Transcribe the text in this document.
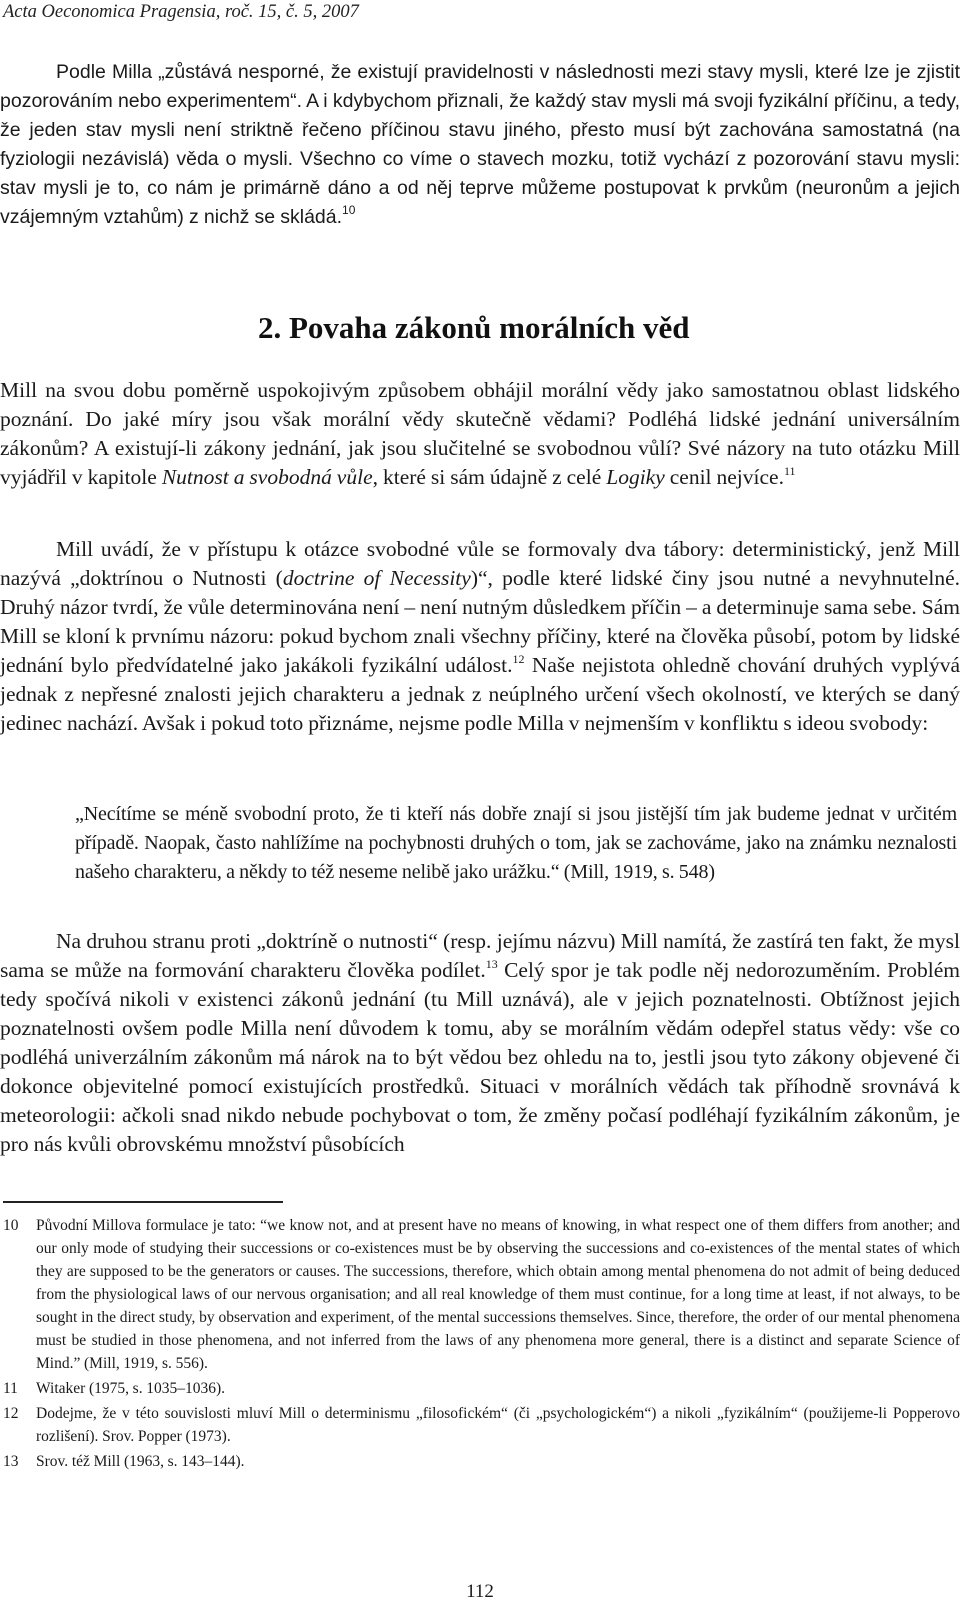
Acta Oeconomica Pragensia, roč. 15, č. 5, 2007

Podle Milla „zůstává nesporné, že existují pravidelnosti v následnosti mezi stavy mysli, které lze je zjistit pozorováním nebo experimentem“. A i kdybychom přiznali, že každý stav mysli má svoji fyzikální příčinu, a tedy, že jeden stav mysli není striktně řečeno příčinou stavu jiného, přesto musí být zachována samostatná (na fyziologii nezávislá) věda o mysli. Všechno co víme o stavech mozku, totiž vychází z pozorování stavu mysli: stav mysli je to, co nám je primárně dáno a od něj teprve můžeme postupovat k prvkům (neuronům a jejich vzájemným vztahům) z nichž se skládá.$^{10}$

2. Povaha zákonů morálních věd

Mill na svou dobu poměrně uspokojivým způsobem obhájil morální vědy jako samostatnou oblast lidského poznání. Do jaké míry jsou však morální vědy skutečně vědami? Podléhá lidské jednání universálním zákonům? A existují-li zákony jednání, jak jsou slučitelné se svobodnou vůlí? Své názory na tuto otázku Mill vyjádřil v kapitole Nutnost a svobodná vůle, které si sám údajně z celé Logiky cenil nejvíce.$^{11}$

Mill uvádí, že v přístupu k otázce svobodné vůle se formovaly dva tábory: deterministický, jenž Mill nazývá „doktrínou o Nutnosti (doctrine of Necessity)“, podle které lidské činy jsou nutné a nevyhnutelné. Druhý názor tvrdí, že vůle determinována není – není nutným důsledkem příčin – a determinuje sama sebe. Sám Mill se kloní k prvnímu názoru: pokud bychom znali všechny příčiny, které na člověka působí, potom by lidské jednání bylo předvídatelné jako jakákoli fyzikální událost.$^{12}$ Naše nejistota ohledně chování druhých vyplývá jednak z nepřesné znalosti jejich charakteru a jednak z neúplného určení všech okolností, ve kterých se daný jedinec nachází. Avšak i pokud toto přiznáme, nejsme podle Milla v nejmenším v konfliktu s ideou svobody:

„Necítíme se méně svobodní proto, že ti kteří nás dobře znají si jsou jistější tím jak budeme jednat v určitém případě. Naopak, často nahlížíme na pochybnosti druhých o tom, jak se zachováme, jako na známku neznalosti našeho charakteru, a někdy to též neseme nelibě jako urážku.“ (Mill, 1919, s. 548)

Na druhou stranu proti „doktríně o nutnosti“ (resp. jejímu názvu) Mill namítá, že zastírá ten fakt, že mysl sama se může na formování charakteru člověka podílet.$^{13}$ Celý spor je tak podle něj nedorozuměním. Problém tedy spočívá nikoli v existenci zákonů jednání (tu Mill uznává), ale v jejich poznatelnosti. Obtížnost jejich poznatelnosti ovšem podle Milla není důvodem k tomu, aby se morálním vědám odepřel status vědy: vše co podléhá univerzálním zákonům má nárok na to být vědou bez ohledu na to, jestli jsou tyto zákony objevené či dokonce objevitelné pomocí existujících prostředků. Situaci v morálních vědách tak příhodně srovnává k meteorologii: ačkoli snad nikdo nebude pochybovat o tom, že změny počasí podléhají fyzikálním zákonům, je pro nás kvůli obrovskému množství působících

10 Původní Millova formulace je tato: “we know not, and at present have no means of knowing, in what respect one of them differs from another; and our only mode of studying their successions or co-existences must be by observing the successions and co-existences of the mental states of which they are supposed to be the generators or causes. The successions, therefore, which obtain among mental phenomena do not admit of being deduced from the physiological laws of our nervous organisation; and all real knowledge of them must continue, for a long time at least, if not always, to be sought in the direct study, by observation and experiment, of the mental successions themselves. Since, therefore, the order of our mental phenomena must be studied in those phenomena, and not inferred from the laws of any phenomena more general, there is a distinct and separate Science of Mind.” (Mill, 1919, s. 556).
11 Witaker (1975, s. 1035–1036).
12 Dodejme, že v této souvislosti mluví Mill o determinismu „filosofickém“ (či „psychologickém“) a nikoli „fyzikálním“ (použijeme-li Popperovo rozlišení). Srov. Popper (1973).
13 Srov. též Mill (1963, s. 143–144).
112
